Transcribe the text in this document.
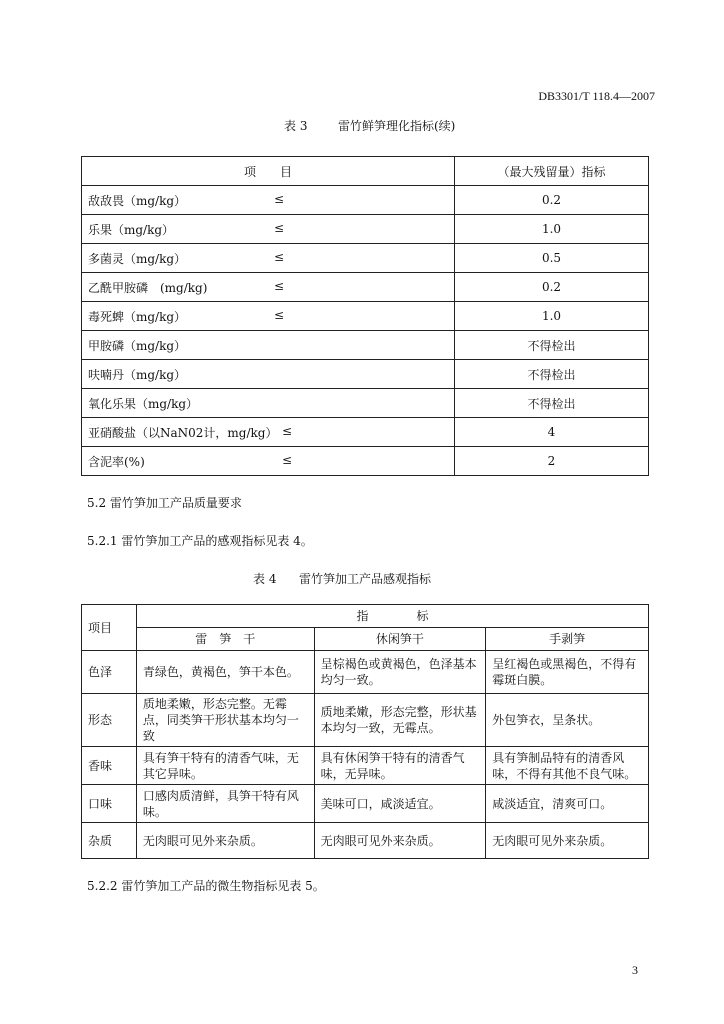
DB3301/T 118.4—2007
表 3	雷竹鲜笋理化指标(续)
项　　目	（最大残留量）指标
敌敌畏（mg/kg） ≤	0.2
乐果（mg/kg） ≤	1.0
多菌灵（mg/kg） ≤	0.5
乙酰甲胺磷　(mg/kg) ≤	0.2
毒死蜱（mg/kg） ≤	1.0
甲胺磷（mg/kg）	不得检出
呋喃丹（mg/kg）	不得检出
氧化乐果（mg/kg）	不得检出
亚硝酸盐（以NaN02计，mg/kg） ≤	4
含泥率(%) ≤	2
5.2 雷竹笋加工产品质量要求
5.2.1 雷竹笋加工产品的感观指标见表 4。
表 4 雷竹笋加工产品感观指标
项目	指　　　　标		
	雷　笋　干	休闲笋干	手剥笋
色泽	青绿色，黄褐色，笋干本色。	呈棕褐色或黄褐色，色泽基本均匀一致。	呈红褐色或黑褐色，不得有霉斑白膜。
形态	质地柔嫩，形态完整。无霉点，同类笋干形状基本均匀一致	质地柔嫩，形态完整，形状基本均匀一致，无霉点。	外包笋衣，呈条状。
香味	具有笋干特有的清香气味，无其它异味。	具有休闲笋干特有的清香气味，无异味。	具有笋制品特有的清香风味，不得有其他不良气味。
口味	口感肉质清鲜，具笋干特有风味。	美味可口，咸淡适宜。	咸淡适宜，清爽可口。
杂质	无肉眼可见外来杂质。	无肉眼可见外来杂质。	无肉眼可见外来杂质。
5.2.2 雷竹笋加工产品的微生物指标见表 5。
3
